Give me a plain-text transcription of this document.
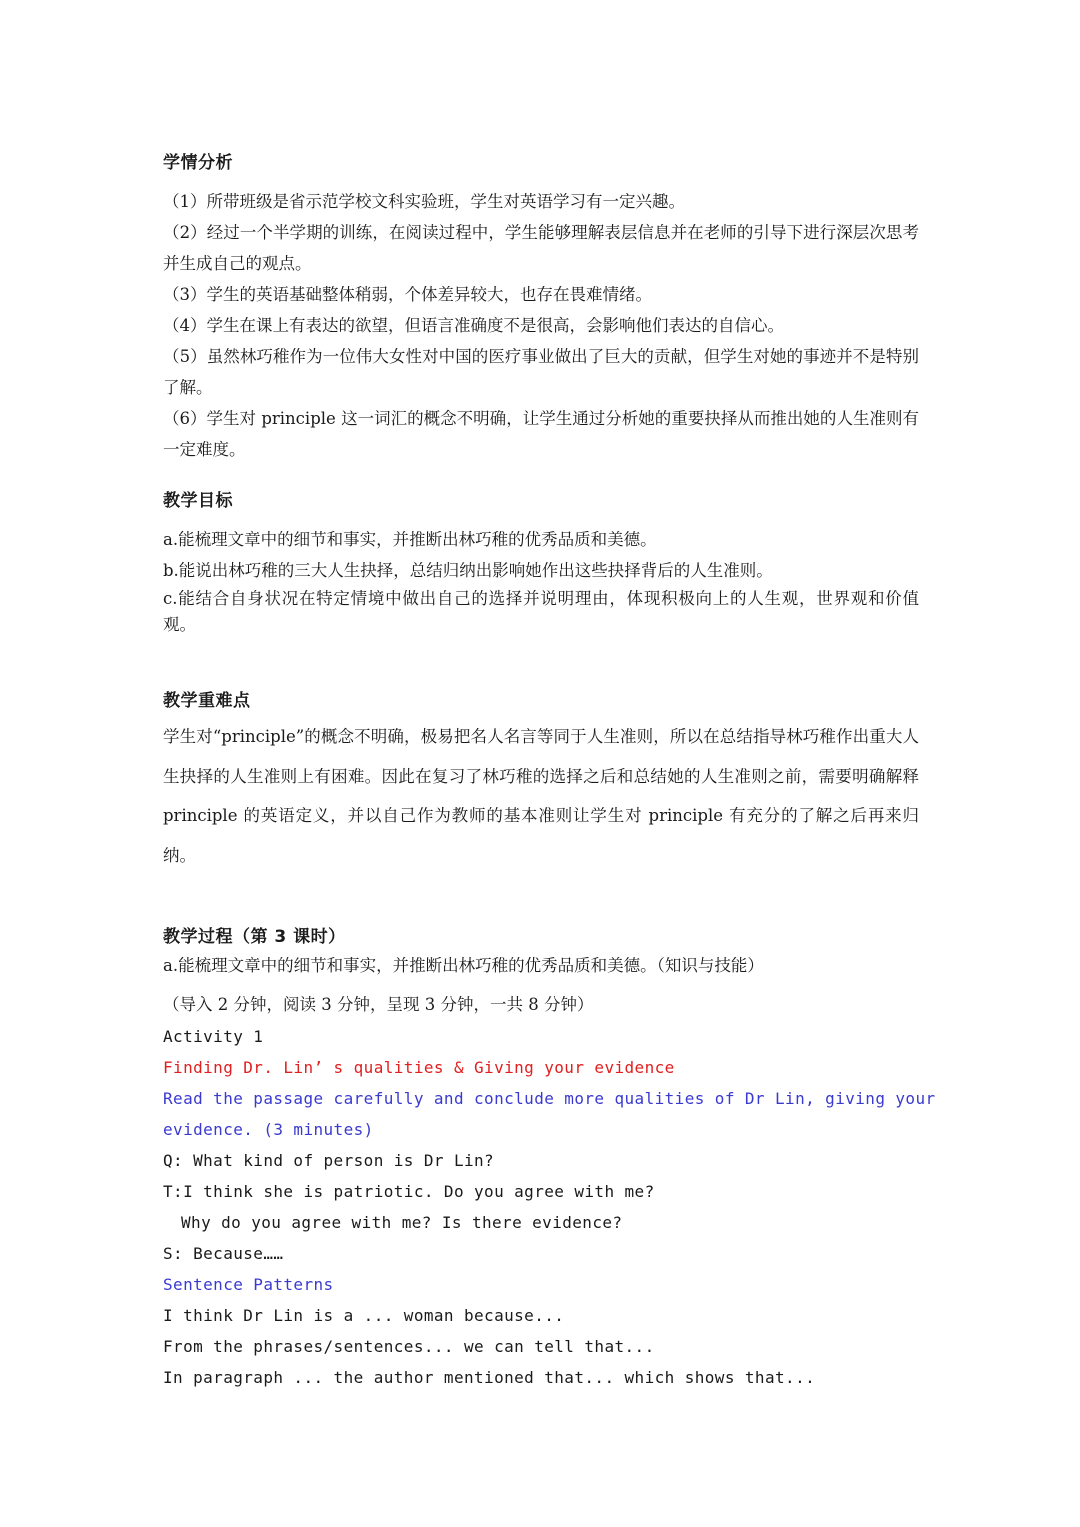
学情分析
（1）所带班级是省示范学校文科实验班，学生对英语学习有一定兴趣。
（2）经过一个半学期的训练，在阅读过程中，学生能够理解表层信息并在老师的引导下进行深层次思考并生成自己的观点。
（3）学生的英语基础整体稍弱，个体差异较大，也存在畏难情绪。
（4）学生在课上有表达的欲望，但语言准确度不是很高，会影响他们表达的自信心。
（5）虽然林巧稚作为一位伟大女性对中国的医疗事业做出了巨大的贡献，但学生对她的事迹并不是特别了解。
（6）学生对 principle 这一词汇的概念不明确，让学生通过分析她的重要抉择从而推出她的人生准则有一定难度。
教学目标
a.能梳理文章中的细节和事实，并推断出林巧稚的优秀品质和美德。
b.能说出林巧稚的三大人生抉择，总结归纳出影响她作出这些抉择背后的人生准则。
c.能结合自身状况在特定情境中做出自己的选择并说明理由，体现积极向上的人生观，世界观和价值观。
教学重难点
学生对“principle”的概念不明确，极易把名人名言等同于人生准则，所以在总结指导林巧稚作出重大人生抉择的人生准则上有困难。因此在复习了林巧稚的选择之后和总结她的人生准则之前，需要明确解释 principle 的英语定义，并以自己作为教师的基本准则让学生对 principle 有充分的了解之后再来归纳。
教学过程（第 3 课时）
a.能梳理文章中的细节和事实，并推断出林巧稚的优秀品质和美德。（知识与技能）
（导入 2 分钟，阅读 3 分钟，呈现 3 分钟，一共 8 分钟）
Activity 1
Finding Dr. Lin’ s qualities & Giving your evidence
Read the passage carefully and conclude more qualities of Dr Lin, giving your
evidence. (3 minutes)
Q: What kind of person is Dr Lin?
T:I think she is patriotic. Do you agree with me?
Why do you agree with me? Is there evidence?
S: Because……
Sentence Patterns
I think Dr Lin is a ... woman because...
From the phrases/sentences... we can tell that...
In paragraph ... the author mentioned that... which shows that...
